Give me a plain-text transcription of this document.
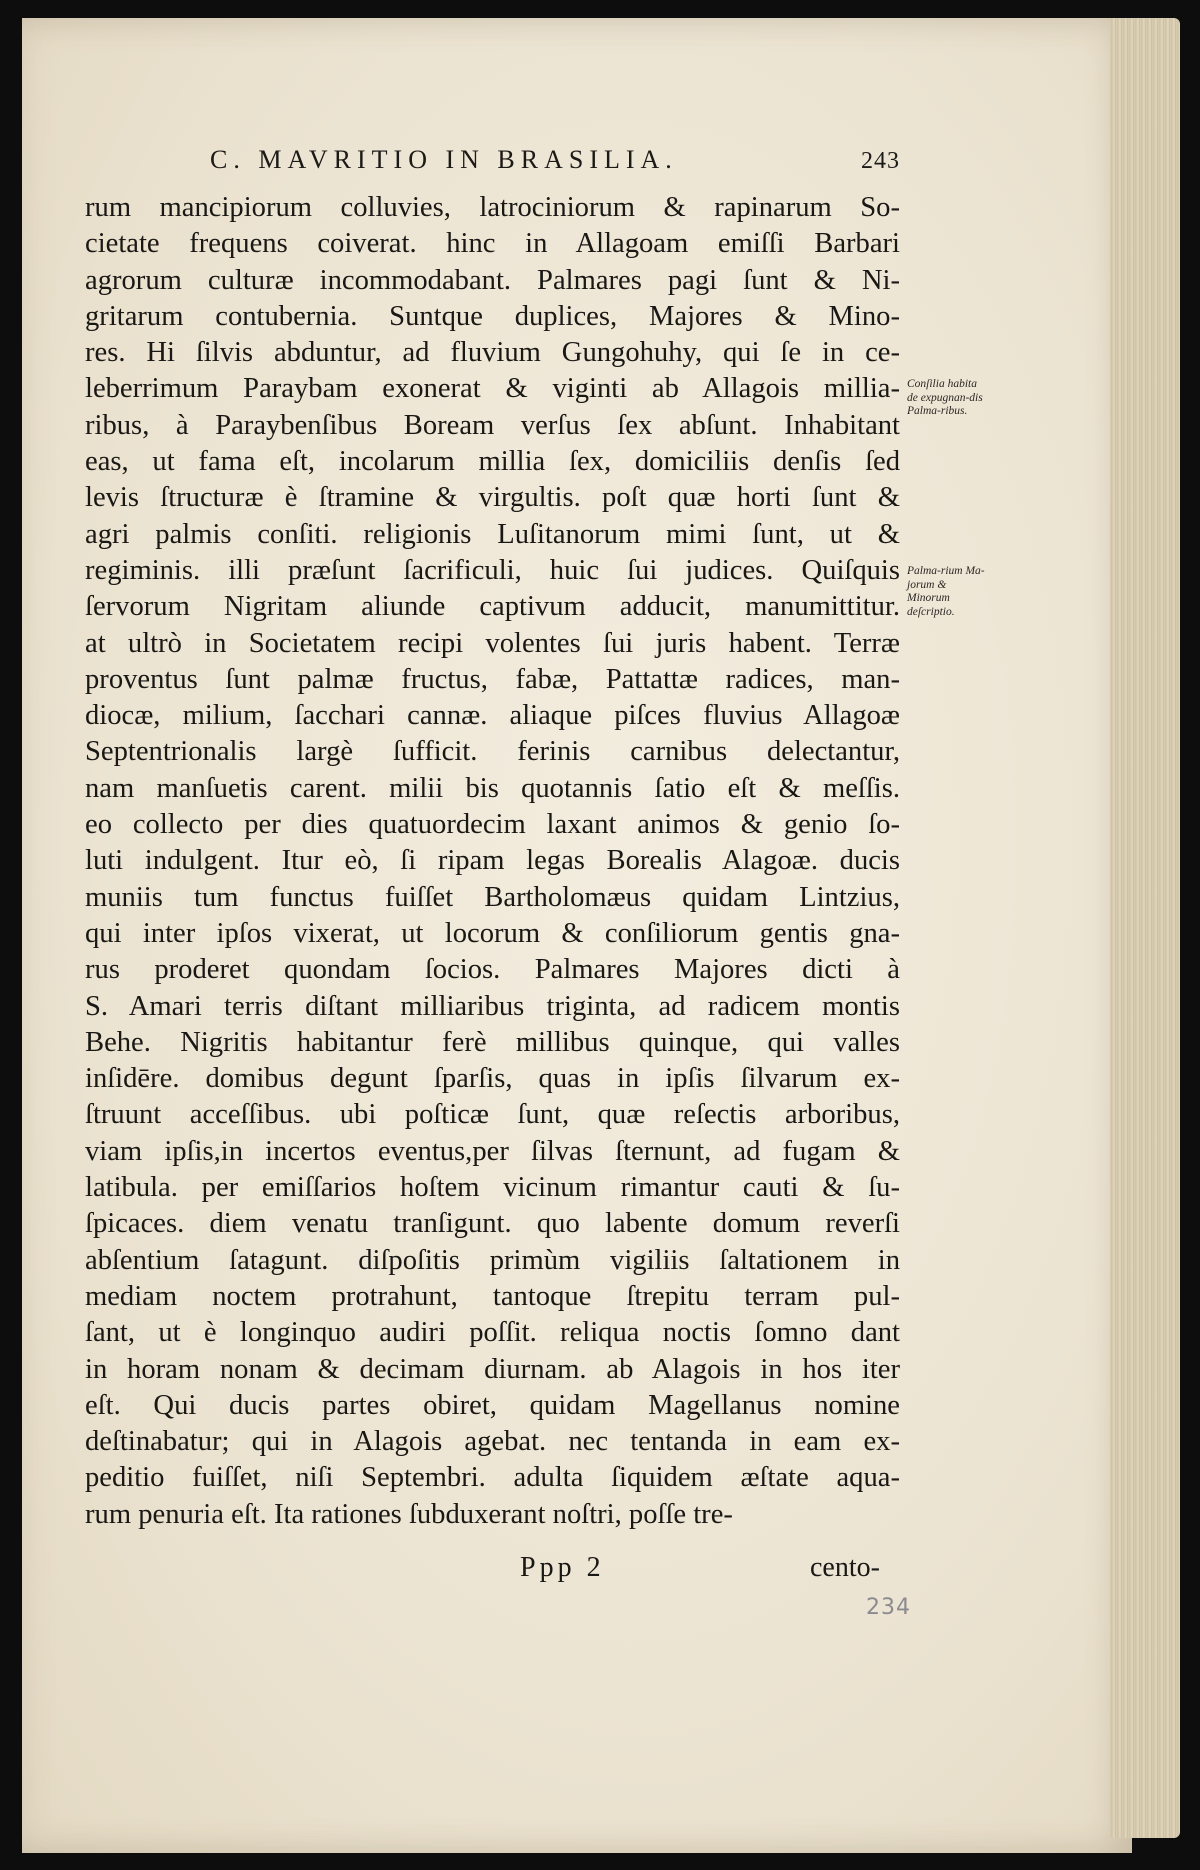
C. MAVRITIO IN BRASILIA.	243
rum mancipiorum colluvies, latrociniorum & rapinarum So-
cietate frequens coiverat. hinc in Allagoam emiſſi Barbari
agrorum culturæ incommodabant. Palmares pagi ſunt & Ni-
gritarum contubernia. Suntque duplices, Majores & Mino-
res. Hi ſilvis abduntur, ad fluvium Gungohuhy, qui ſe in ce-
leberrimum Paraybam exonerat & viginti ab Allagois millia-
ribus, à Paraybenſibus Boream verſus ſex abſunt. Inhabitant
eas, ut fama eſt, incolarum millia ſex, domiciliis denſis ſed
levis ſtructuræ è ſtramine & virgultis. poſt quæ horti ſunt &
agri palmis conſiti. religionis Luſitanorum mimi ſunt, ut &
regiminis. illi præſunt ſacrificuli, huic ſui judices. Quiſquis
ſervorum Nigritam aliunde captivum adducit, manumittitur.
at ultrò in Societatem recipi volentes ſui juris habent. Terræ
proventus ſunt palmæ fructus, fabæ, Pattattæ radices, man-
diocæ, milium, ſacchari cannæ. aliaque piſces fluvius Allagoæ
Septentrionalis largè ſufficit. ferinis carnibus delectantur,
nam manſuetis carent. milii bis quotannis ſatio eſt & meſſis.
eo collecto per dies quatuordecim laxant animos & genio ſo-
luti indulgent. Itur eò, ſi ripam legas Borealis Alagoæ. ducis
muniis tum functus fuiſſet Bartholomæus quidam Lintzius,
qui inter ipſos vixerat, ut locorum & conſiliorum gentis gna-
rus proderet quondam ſocios. Palmares Majores dicti à
S. Amari terris diſtant milliaribus triginta, ad radicem montis
Behe. Nigritis habitantur ferè millibus quinque, qui valles
inſidēre. domibus degunt ſparſis, quas in ipſis ſilvarum ex-
ſtruunt acceſſibus. ubi poſticæ ſunt, quæ reſectis arboribus,
viam ipſis,in incertos eventus,per ſilvas ſternunt, ad fugam &
latibula. per emiſſarios hoſtem vicinum rimantur cauti & ſu-
ſpicaces. diem venatu tranſigunt. quo labente domum reverſi
abſentium ſatagunt. diſpoſitis primùm vigiliis ſaltationem in
mediam noctem protrahunt, tantoque ſtrepitu terram pul-
ſant, ut è longinquo audiri poſſit. reliqua noctis ſomno dant
in horam nonam & decimam diurnam. ab Alagois in hos iter
eſt. Qui ducis partes obiret, quidam Magellanus nomine
deſtinabatur; qui in Alagois agebat. nec tentanda in eam ex-
peditio fuiſſet, niſi Septembri. adulta ſiquidem æſtate aqua-
rum penuria eſt. Ita rationes ſubduxerant noſtri, poſſe tre-
Conſilia habita de expugnan-dis Palma-ribus.
Palma-rium Ma-jorum & Minorum deſcriptio.
Ppp 2	cento-
234
